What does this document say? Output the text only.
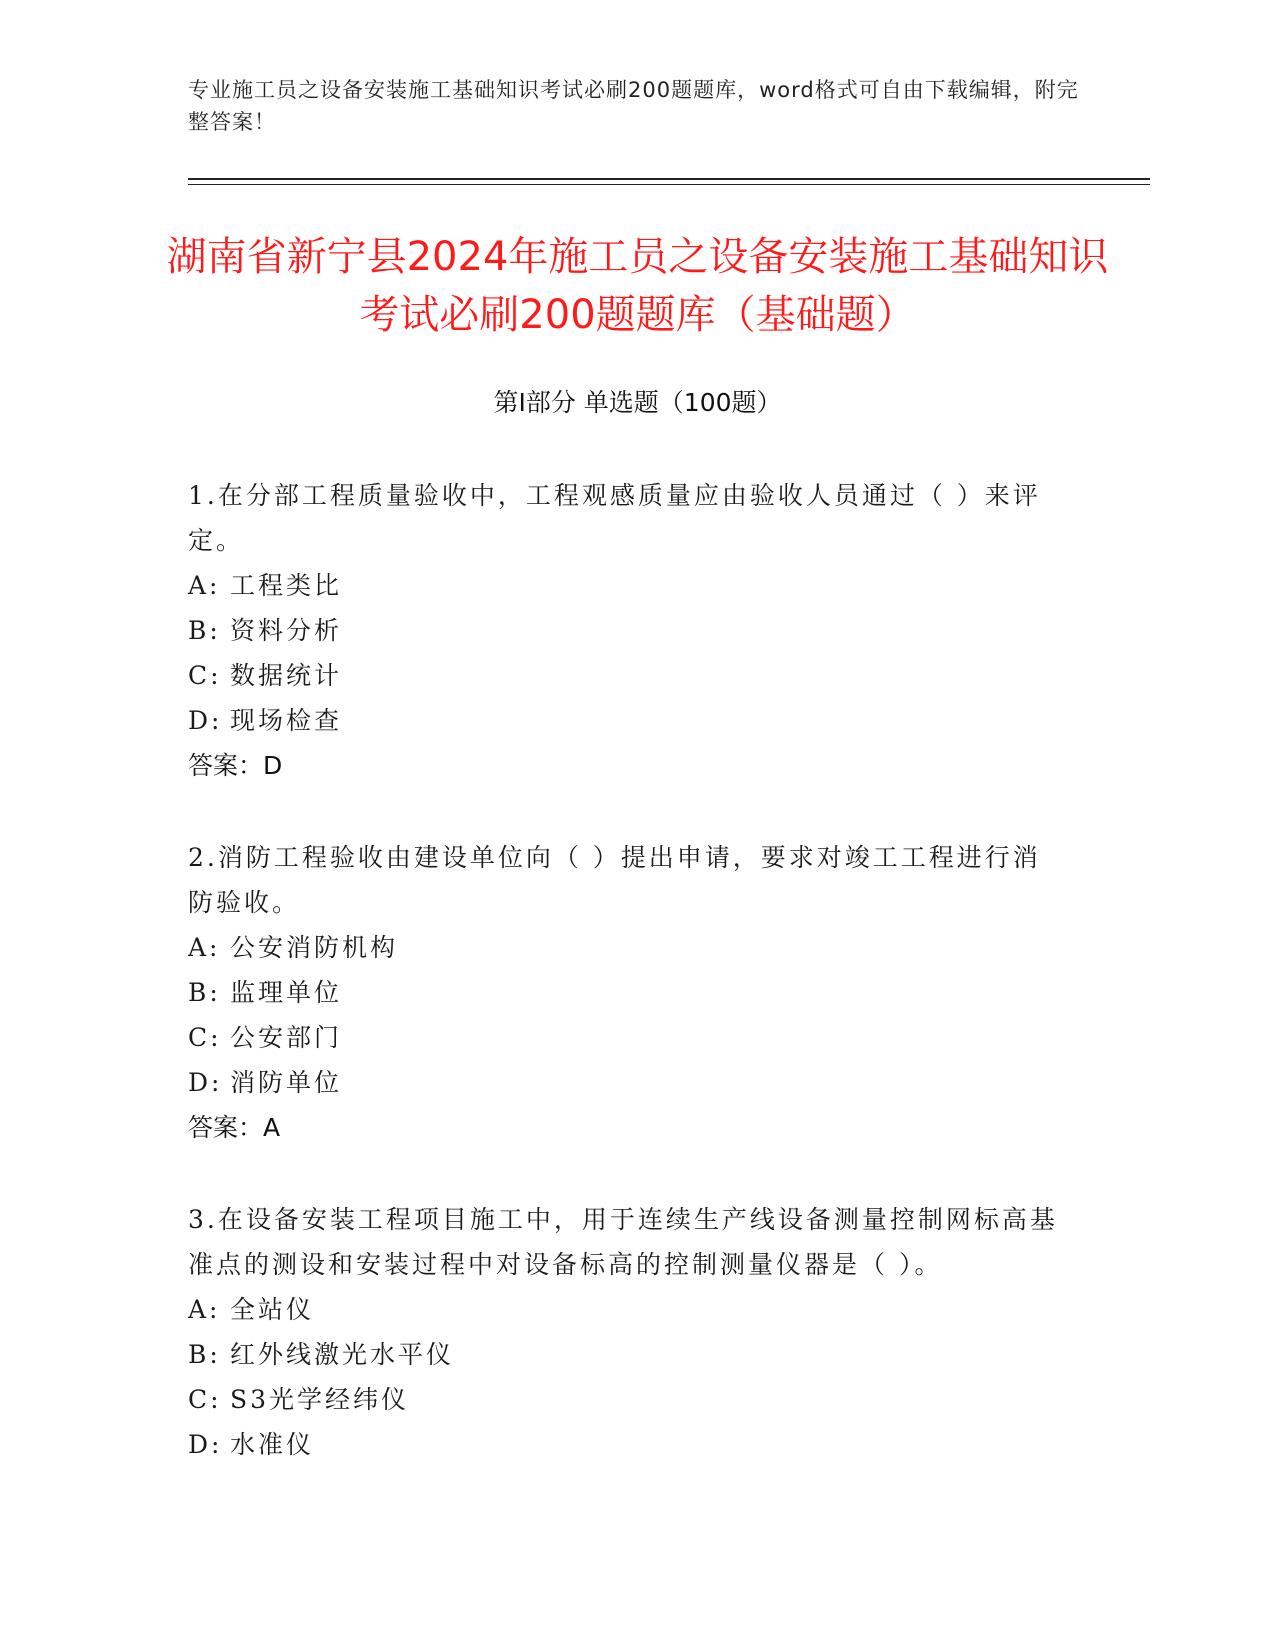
专业施工员之设备安装施工基础知识考试必刷200题题库，word格式可自由下载编辑，附完整答案！
湖南省新宁县2024年施工员之设备安装施工基础知识考试必刷200题题库（基础题）
第Ⅰ部分 单选题（100题）

1.在分部工程质量验收中，工程观感质量应由验收人员通过（ ）来评定。

A: 工程类比

B: 资料分析

C: 数据统计

D: 现场检查

答案：D

2.消防工程验收由建设单位向（ ）提出申请，要求对竣工工程进行消防验收。

A: 公安消防机构

B: 监理单位

C: 公安部门

D: 消防单位

答案：A

3.在设备安装工程项目施工中，用于连续生产线设备测量控制网标高基准点的测设和安装过程中对设备标高的控制测量仪器是（ ）。

A: 全站仪

B: 红外线激光水平仪

C: S3光学经纬仪

D: 水准仪
